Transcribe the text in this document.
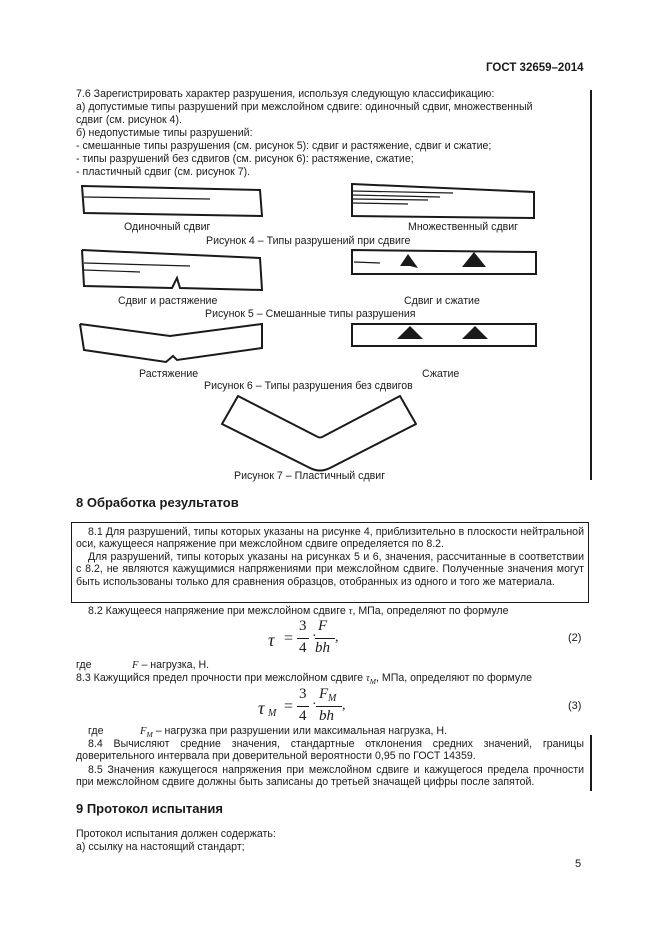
ГОСТ 32659–2014
7.6 Зарегистрировать характер разрушения, используя следующую классификацию:
а) допустимые типы разрушений при межслойном сдвиге: одиночный сдвиг, множественный
сдвиг (см. рисунок 4).
б) недопустимые типы разрушений:
- смешанные типы разрушения (см. рисунок 5): сдвиг и растяжение, сдвиг и сжатие;
- типы разрушений без сдвигов (см. рисунок 6): растяжение, сжатие;
- пластичный сдвиг (см. рисунок 7).
Одиночный сдвиг	Множественный сдвиг
Рисунок 4 – Типы разрушений при сдвиге
Сдвиг и растяжение	Сдвиг и сжатие
Рисунок 5 – Смешанные типы разрушения
Растяжение	Сжатие
Рисунок 6 – Типы разрушения без сдвигов
Рисунок 7 – Пластичный сдвиг
8 Обработка результатов
8.1 Для разрушений, типы которых указаны на рисунке 4, приблизительно в плоскости нейтральной оси, кажущееся напряжение при межслойном сдвиге определяется по 8.2.
Для разрушений, типы которых указаны на рисунках 5 и 6, значения, рассчитанные в соответствии с 8.2, не являются кажущимися напряжениями при межслойном сдвиге. Полученные значения могут быть использованы только для сравнения образцов, отобранных из одного и того же материала.
8.2 Кажущееся напряжение при межслойном сдвиге τ, МПа, определяют по формуле
τ =
3
4
·
F
bh
,	(2)
где	F – нагрузка, Н.
8.3 Кажущийся предел прочности при межслойном сдвиге $\tau_M$, МПа, определяют по формуле
τ M =
3
4
·
F M
bh
,	(3)
где	$F_M$ – нагрузка при разрушении или максимальная нагрузка, Н.
8.4 Вычисляют средние значения, стандартные отклонения средних значений, границы доверительного интервала при доверительной вероятности 0,95 по ГОСТ 14359.
8.5 Значения кажущегося напряжения при межслойном сдвиге и кажущегося предела прочности при межслойном сдвиге должны быть записаны до третьей значащей цифры после запятой.
9 Протокол испытания
Протокол испытания должен содержать:
а) ссылку на настоящий стандарт;
5
